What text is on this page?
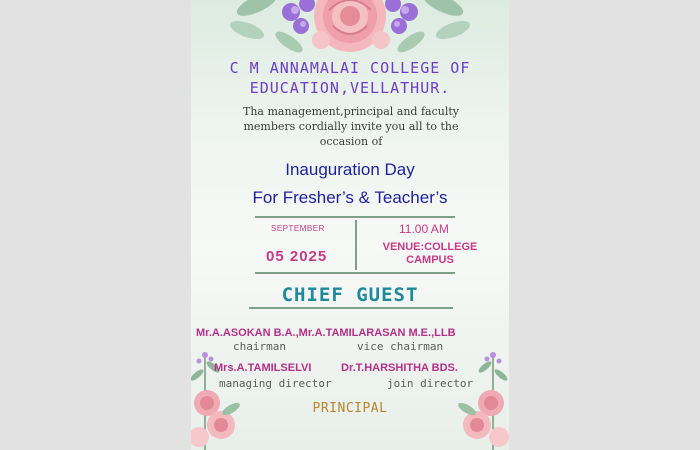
C M ANNAMALAI COLLEGE OF
EDUCATION,VELLATHUR.
Tha management,principal and faculty
members cordially invite you all to the
occasion of
Inauguration Day
For Fresher’s & Teacher’s
SEPTEMBER
05 2025
11.00 AM
VENUE:COLLEGE
CAMPUS
CHIEF GUEST
Mr.A.ASOKAN B.A.,Mr.A.TAMILARASAN M.E.,LLB
chairman	vice chairman
Mrs.A.TAMILSELVI	Dr.T.HARSHITHA BDS.
managing director	join director
PRINCIPAL
